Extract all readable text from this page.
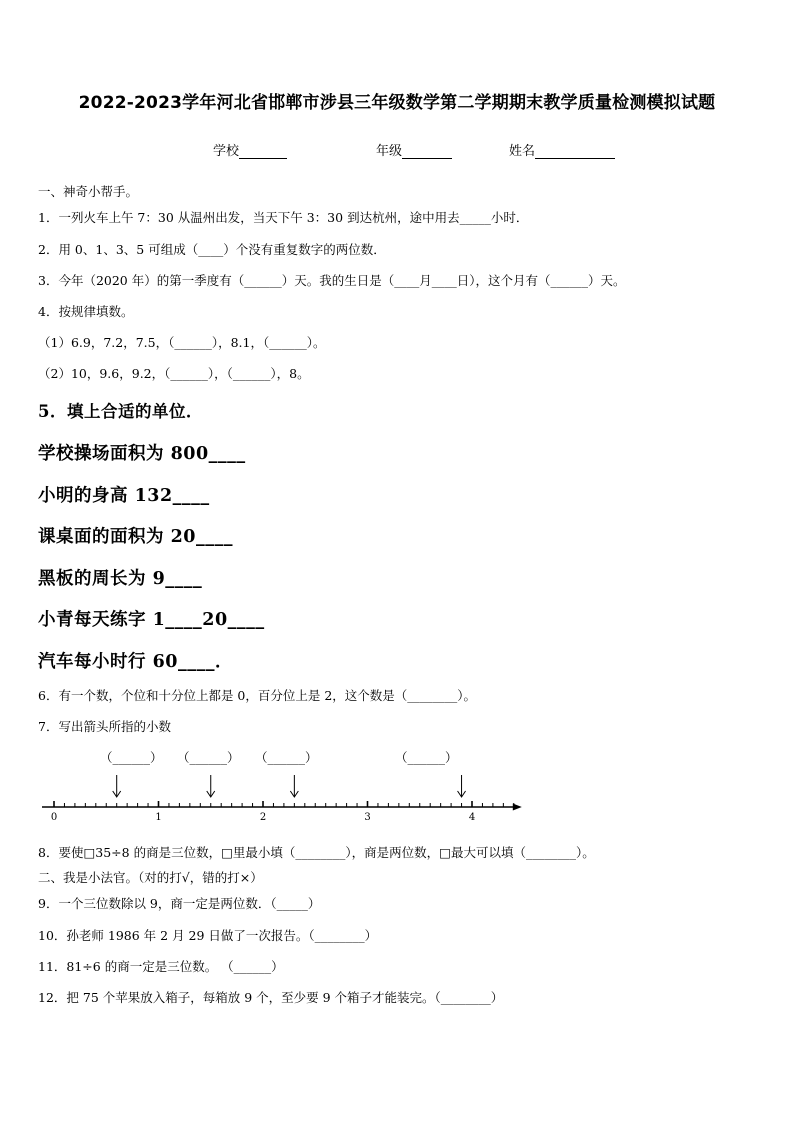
2022-2023学年河北省邯郸市涉县三年级数学第二学期期末教学质量检测模拟试题
学校	年级	姓名
一、神奇小帮手。
1．一列火车上午 7：30 从温州出发，当天下午 3：30 到达杭州，途中用去_____小时．
2．用 0、1、3、5 可组成（____）个没有重复数字的两位数．
3．今年（2020 年）的第一季度有（______）天。我的生日是（____月____日），这个月有（______）天。
4．按规律填数。
（1）6.9，7.2，7.5，（______），8.1，（______）。
（2）10，9.6，9.2，（______），（______），8。
5．填上合适的单位．
学校操场面积为 800____
小明的身高 132____
课桌面的面积为 20____
黑板的周长为 9____
小青每天练字 1____20____
汽车每小时行 60____．
6．有一个数，个位和十分位上都是 0，百分位上是 2，这个数是（________）。
7．写出箭头所指的小数
（______） （______） （______）	（______）
0	1	2	3	4
8．要使□35÷8 的商是三位数，□里最小填（________），商是两位数，□最大可以填（________）。
二、我是小法官。（对的打√，错的打×）
9．一个三位数除以 9，商一定是两位数．（_____）
10．孙老师 1986 年 2 月 29 日做了一次报告。（________）
11．81÷6 的商一定是三位数。 （______）
12．把 75 个苹果放入箱子，每箱放 9 个，至少要 9 个箱子才能装完。（________）
